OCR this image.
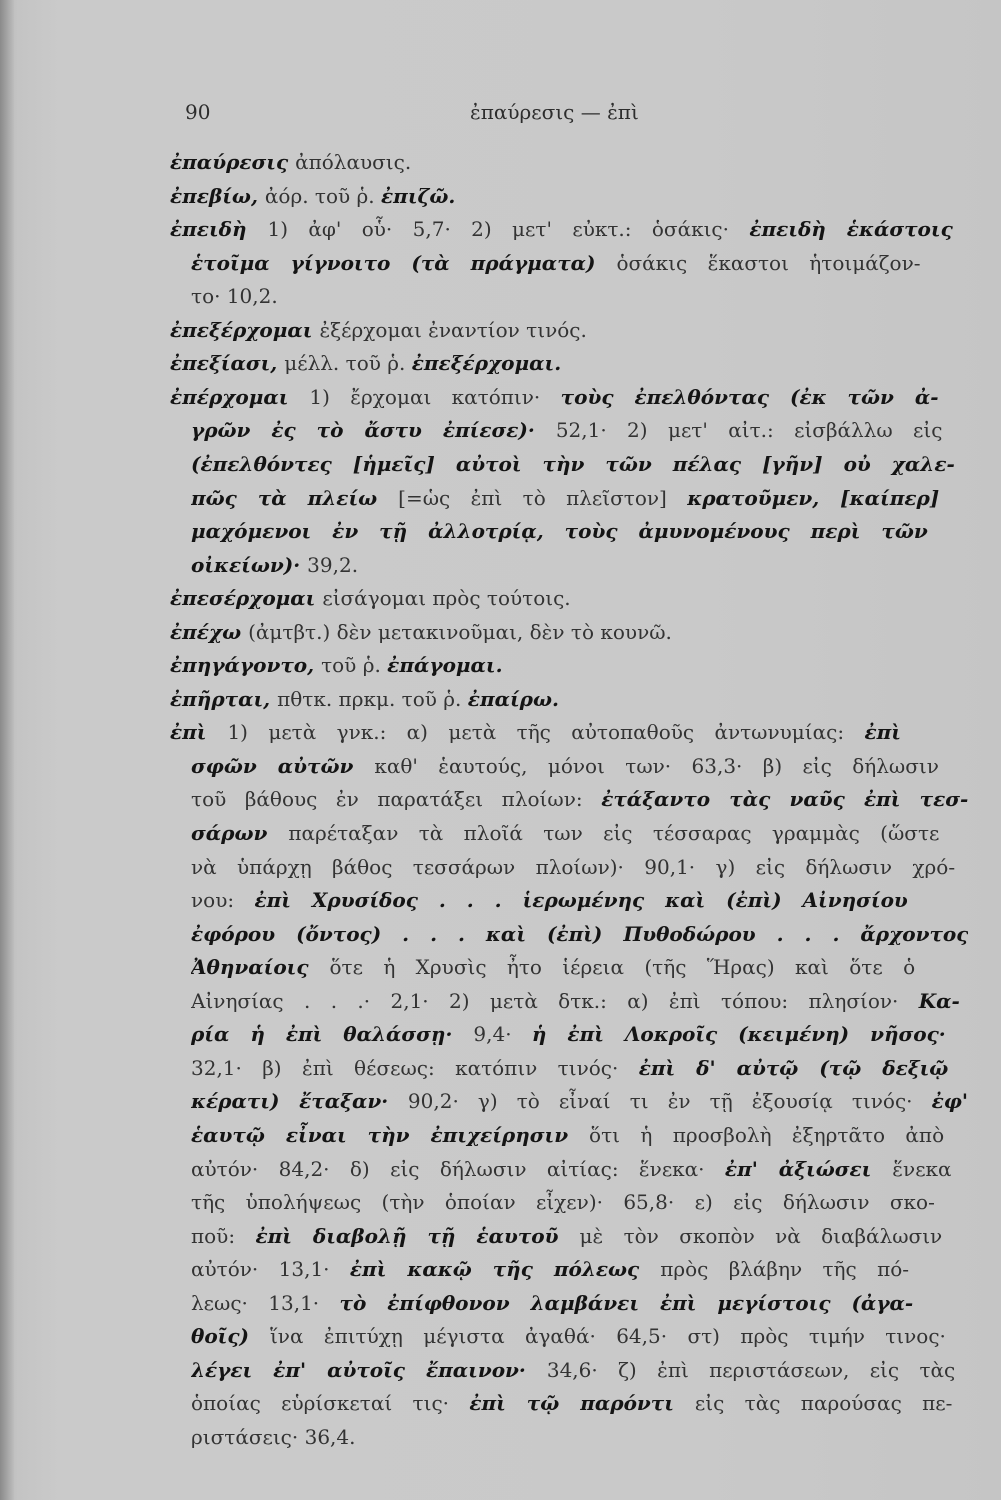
90	ἐπαύρεσις — ἐπὶ
ἐπαύρεσις ἀπόλαυσις.
ἐπεβίω, ἀόρ. τοῦ ῥ. ἐπιζῶ.
ἐπειδὴ 1) ἀφ' οὗ· 5,7· 2) μετ' εὐκτ.: ὁσάκις· ἐπειδὴ ἑκάστοις
ἑτοῖμα γίγνοιτο (τὰ πράγματα) ὁσάκις ἕκαστοι ἡτοιμάζον-
το· 10,2.
ἐπεξέρχομαι ἐξέρχομαι ἐναντίον τινός.
ἐπεξίασι, μέλλ. τοῦ ῥ. ἐπεξέρχομαι.
ἐπέρχομαι 1) ἔρχομαι κατόπιν· τοὺς ἐπελθόντας (ἐκ τῶν ἀ-
γρῶν ἐς τὸ ἄστυ ἐπίεσε)· 52,1· 2) μετ' αἰτ.: εἰσβάλλω εἰς
(ἐπελθόντες [ἡμεῖς] αὐτοὶ τὴν τῶν πέλας [γῆν] οὐ χαλε-
πῶς τὰ πλείω [=ὡς ἐπὶ τὸ πλεῖστον] κρατοῦμεν, [καίπερ]
μαχόμενοι ἐν τῇ ἀλλοτρίᾳ, τοὺς ἀμυνομένους περὶ τῶν
οἰκείων)· 39,2.
ἐπεσέρχομαι εἰσάγομαι πρὸς τούτοις.
ἐπέχω (ἀμτβτ.) δὲν μετακινοῦμαι, δὲν τὸ κουνῶ.
ἐπηγάγοντο, τοῦ ῥ. ἐπάγομαι.
ἐπῆρται, πθτκ. πρκμ. τοῦ ῥ. ἐπαίρω.
ἐπὶ 1) μετὰ γνκ.: α) μετὰ τῆς αὐτοπαθοῦς ἀντωνυμίας: ἐπὶ
σφῶν αὐτῶν καθ' ἑαυτούς, μόνοι των· 63,3· β) εἰς δήλωσιν
τοῦ βάθους ἐν παρατάξει πλοίων: ἐτάξαντο τὰς ναῦς ἐπὶ τεσ-
σάρων παρέταξαν τὰ πλοῖά των εἰς τέσσαρας γραμμὰς (ὥστε
νὰ ὑπάρχῃ βάθος τεσσάρων πλοίων)· 90,1· γ) εἰς δήλωσιν χρό-
νου: ἐπὶ Χρυσίδος . . . ἱερωμένης καὶ (ἐπὶ) Αἰνησίου
ἐφόρου (ὄντος) . . . καὶ (ἐπὶ) Πυθοδώρου . . . ἄρχοντος
Ἀθηναίοις ὅτε ἡ Χρυσὶς ἦτο ἱέρεια (τῆς Ἥρας) καὶ ὅτε ὁ
Αἰνησίας . . .· 2,1· 2) μετὰ δτκ.: α) ἐπὶ τόπου: πλησίον· Κα-
ρία ἡ ἐπὶ θαλάσσῃ· 9,4· ἡ ἐπὶ Λοκροῖς (κειμένη) νῆσος·
32,1· β) ἐπὶ θέσεως: κατόπιν τινός· ἐπὶ δ' αὐτῷ (τῷ δεξιῷ
κέρατι) ἔταξαν· 90,2· γ) τὸ εἶναί τι ἐν τῇ ἐξουσίᾳ τινός· ἐφ'
ἑαυτῷ εἶναι τὴν ἐπιχείρησιν ὅτι ἡ προσβολὴ ἐξηρτᾶτο ἀπὸ
αὐτόν· 84,2· δ) εἰς δήλωσιν αἰτίας: ἕνεκα· ἐπ' ἀξιώσει ἕνεκα
τῆς ὑπολήψεως (τὴν ὁποίαν εἶχεν)· 65,8· ε) εἰς δήλωσιν σκο-
ποῦ: ἐπὶ διαβολῇ τῇ ἑαυτοῦ μὲ τὸν σκοπὸν νὰ διαβάλωσιν
αὐτόν· 13,1· ἐπὶ κακῷ τῆς πόλεως πρὸς βλάβην τῆς πό-
λεως· 13,1· τὸ ἐπίφθονον λαμβάνει ἐπὶ μεγίστοις (ἀγα-
θοῖς) ἵνα ἐπιτύχῃ μέγιστα ἀγαθά· 64,5· στ) πρὸς τιμήν τινος·
λέγει ἐπ' αὐτοῖς ἔπαινον· 34,6· ζ) ἐπὶ περιστάσεων, εἰς τὰς
ὁποίας εὑρίσκεταί τις· ἐπὶ τῷ παρόντι εἰς τὰς παρούσας πε-
ριστάσεις· 36,4.
